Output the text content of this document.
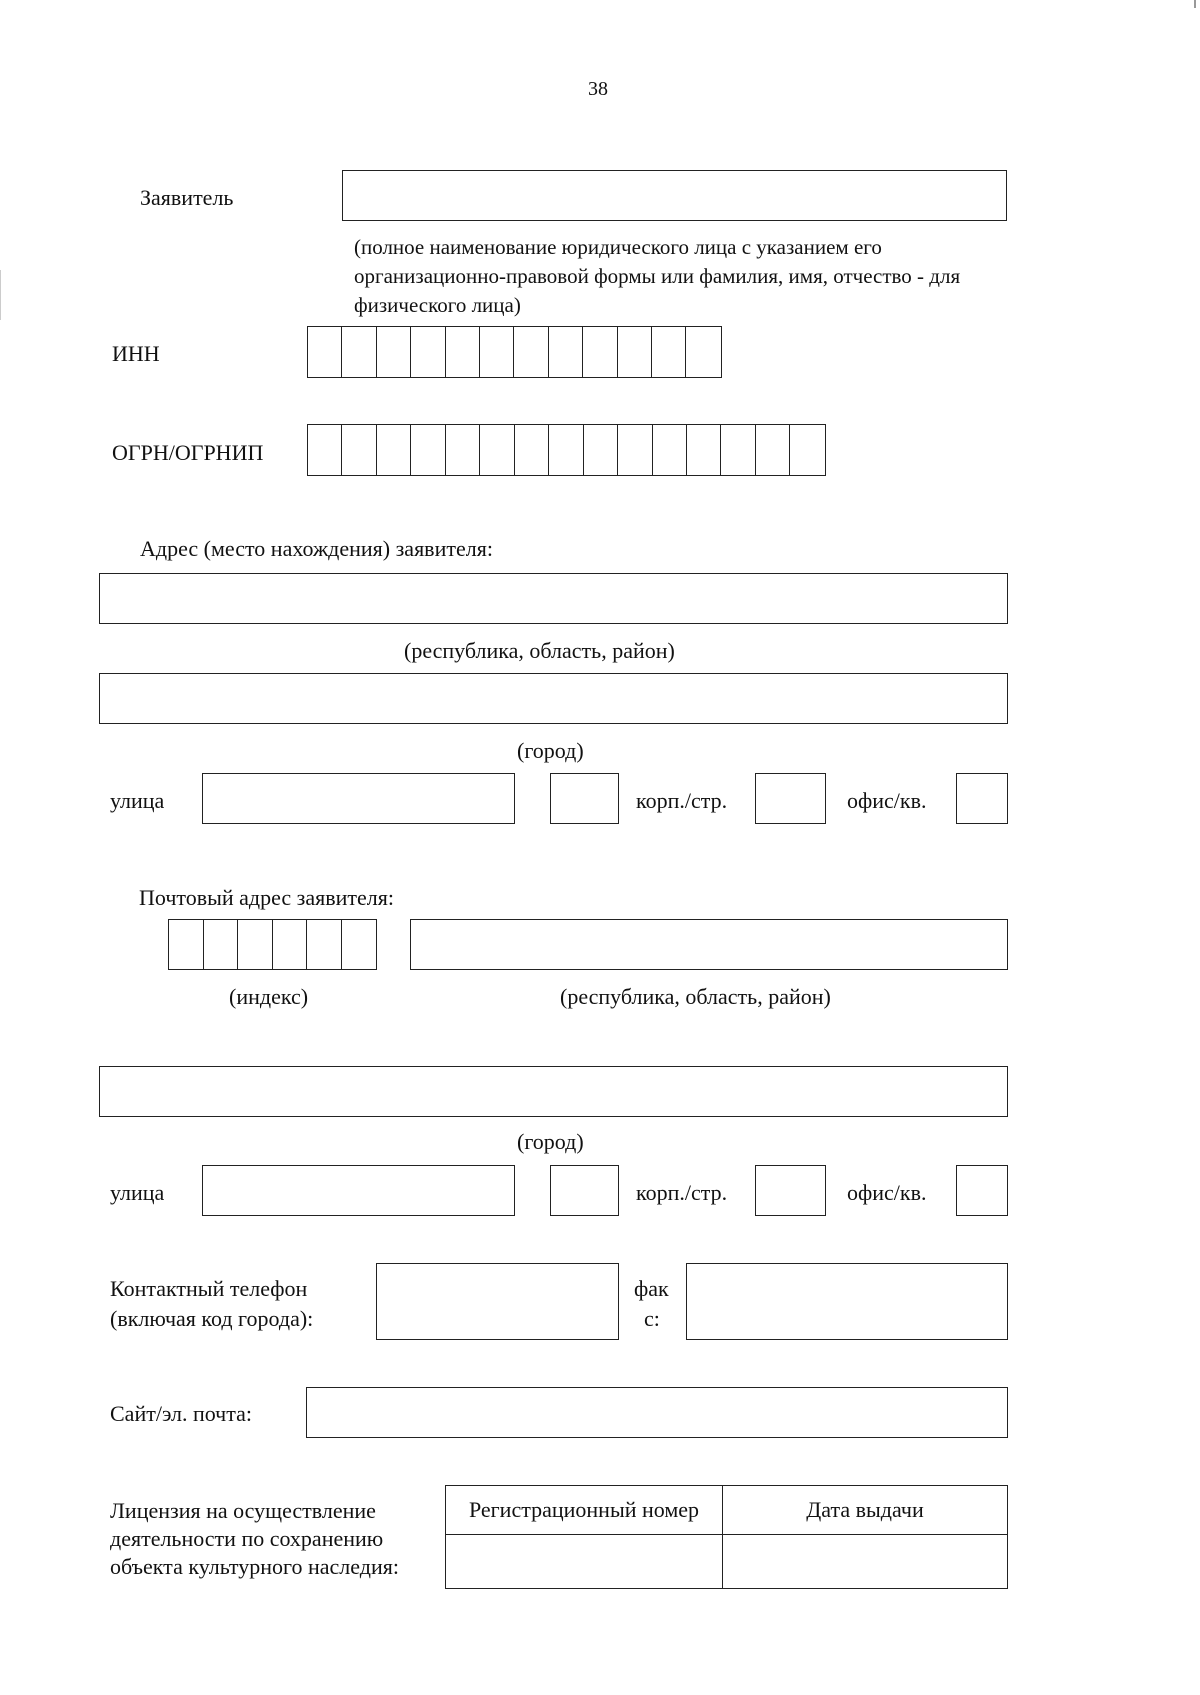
38
Заявитель
(полное наименование юридического лица с указанием его организационно-правовой формы или фамилия, имя, отчество - для физического лица)
ИНН
ОГРН/ОГРНИП
Адрес (место нахождения) заявителя:
(республика, область, район)
(город)
улица	корп./стр.	офис/кв.
Почтовый адрес заявителя:
(индекс)	(республика, область, район)
(город)
улица	корп./стр.	офис/кв.
Контактный телефон
(включая код города):
фак
с:
Сайт/эл. почта:
Лицензия на осуществление
деятельности по сохранению
объекта культурного наследия:
Регистрационный номер	Дата выдачи
